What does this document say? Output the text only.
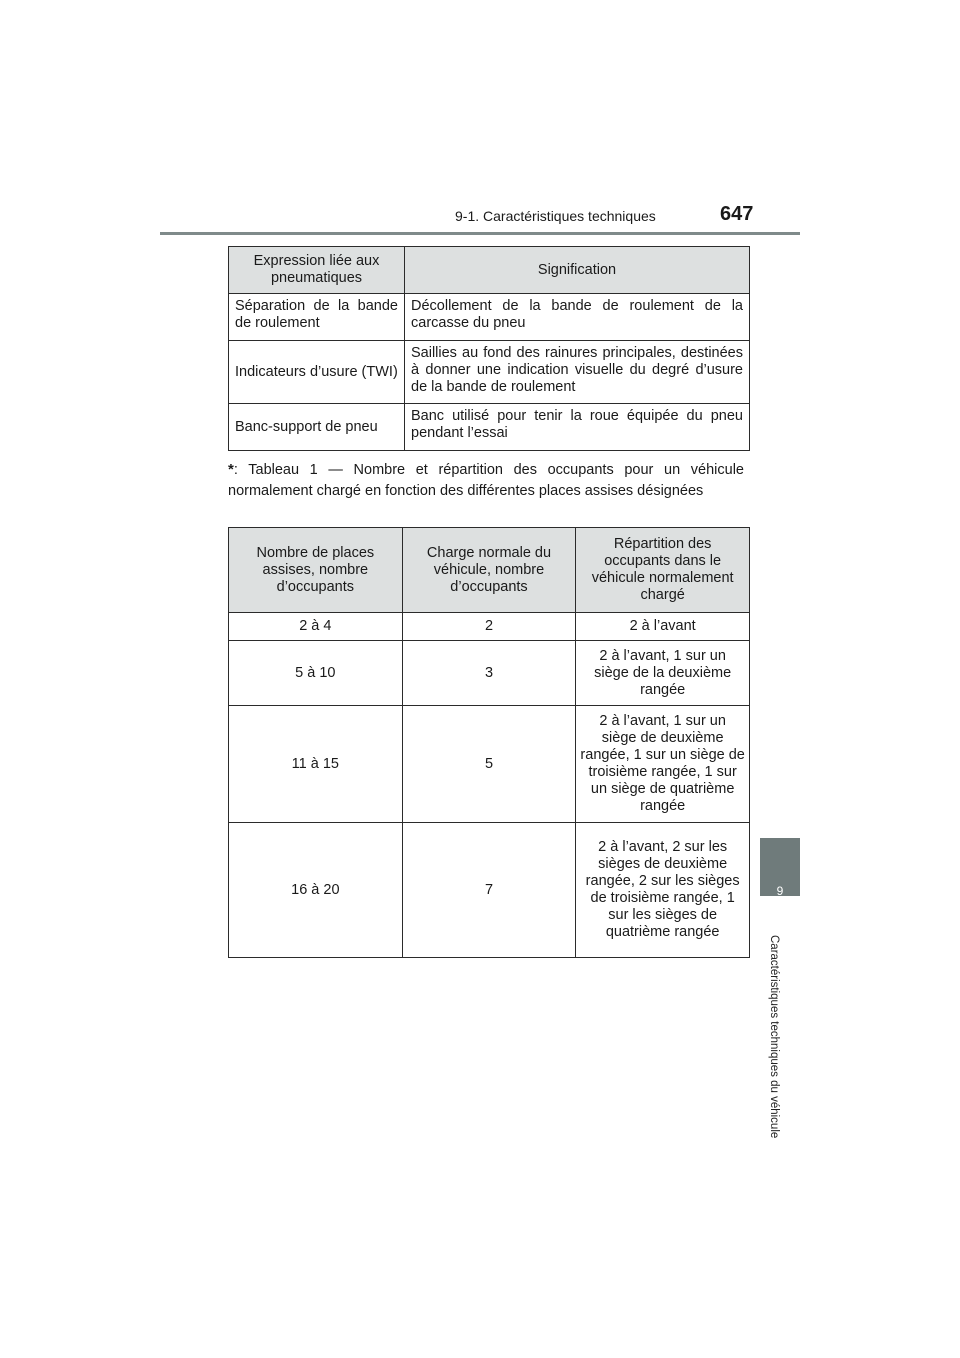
9-1. Caractéristiques techniques	647
9
Caractéristiques techniques du véhicule
Expression liée aux pneumatiques	Signification
Séparation de la bande de roulement	Décollement de la bande de roulement de la carcasse du pneu
Indicateurs d’usure (TWI)	Saillies au fond des rainures principales, destinées à donner une indication visuelle du degré d’usure de la bande de roulement
Banc-support de pneu	Banc utilisé pour tenir la roue équipée du pneu pendant l’essai
*: Tableau 1 — Nombre et répartition des occupants pour un véhicule normalement chargé en fonction des différentes places assises désignées
Nombre de places assises, nombre d’occupants	Charge normale du véhicule, nombre d’occupants	Répartition des occupants dans le véhicule normalement chargé
2 à 4	2	2 à l’avant
5 à 10	3	2 à l’avant, 1 sur un siège de la deuxième rangée
11 à 15	5	2 à l’avant, 1 sur un siège de deuxième rangée, 1 sur un siège de troisième rangée, 1 sur un siège de quatrième rangée
16 à 20	7	2 à l’avant, 2 sur les sièges de deuxième rangée, 2 sur les sièges de troisième rangée, 1 sur les sièges de quatrième rangée
